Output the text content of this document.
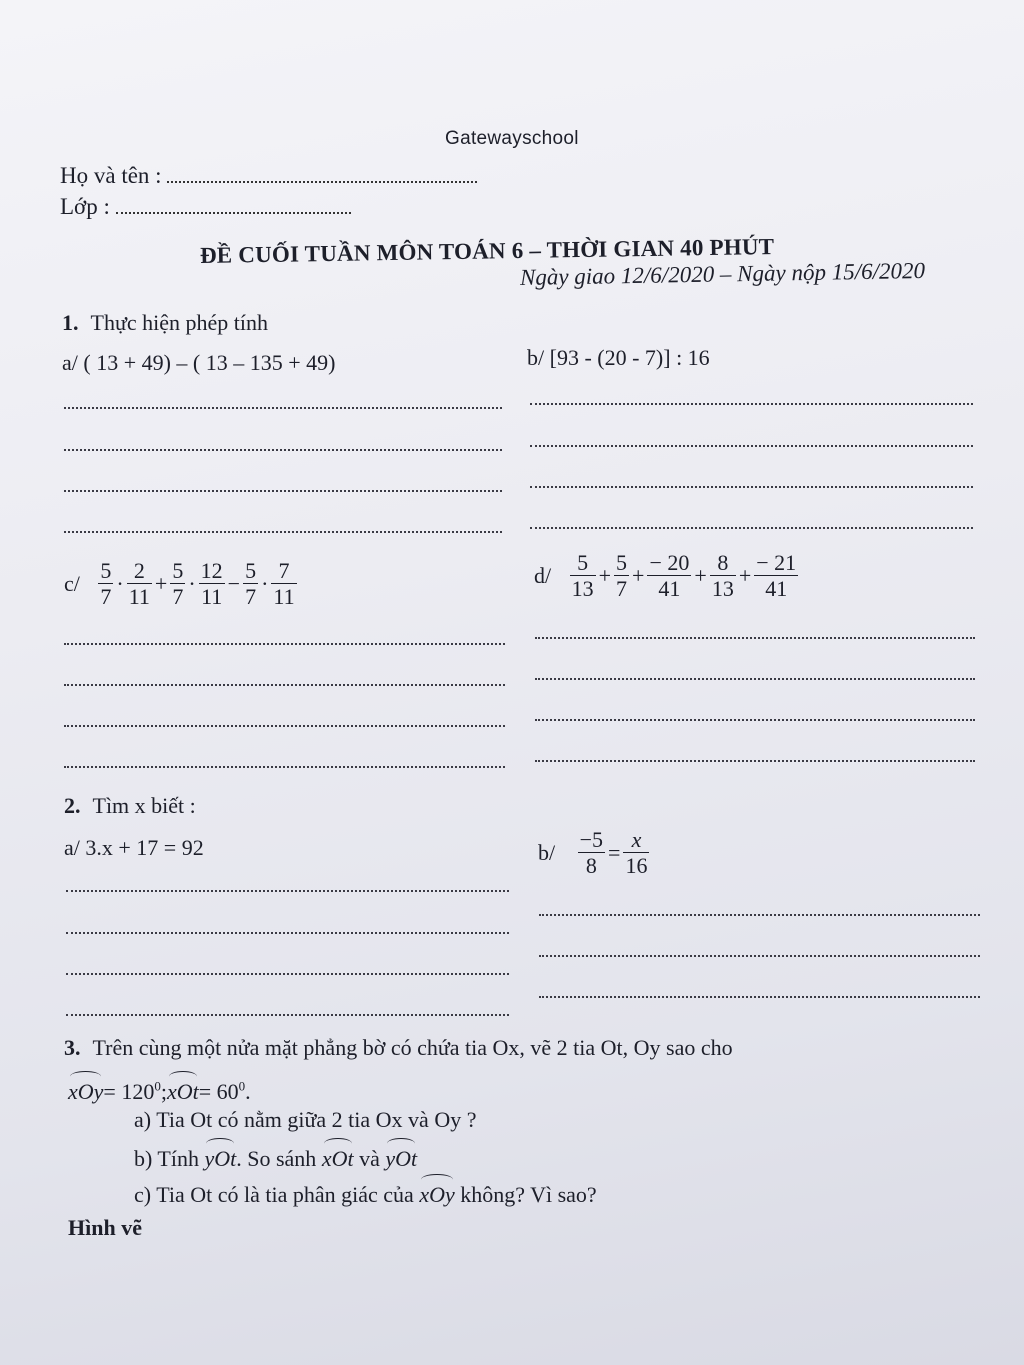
Gatewayschool
Họ và tên :
Lớp :
ĐỀ CUỐI TUẦN MÔN TOÁN 6 – THỜI GIAN 40 PHÚT
Ngày giao 12/6/2020 – Ngày nộp 15/6/2020
1. Thực hiện phép tính
a/ ( 13 + 49) – ( 13 – 135 + 49)	b/ [93 - (20 - 7)] : 16
$c/ \frac{5}{7} \cdot \frac{2}{11} + \frac{5}{7} \cdot \frac{12}{11} - \frac{5}{7} \cdot \frac{7}{11}$	$d/ \frac{5}{13} + \frac{5}{7} + \frac{- 20}{41} + \frac{8}{13} + \frac{- 21}{41}$
2. Tìm x biết :
a/ 3.x + 17 = 92	$b/ \frac{-5}{8} = \frac{x}{16}$
3. Trên cùng một nửa mặt phẳng bờ có chứa tia Ox, vẽ 2 tia Ot, Oy sao cho
$xOy= 120^0;xOt= 60^0$.
a) Tia Ot có nằm giữa 2 tia Ox và Oy ?
b) Tính yOt. So sánh xOt và yOt
c) Tia Ot có là tia phân giác của xOy không? Vì sao?
Hình vẽ
